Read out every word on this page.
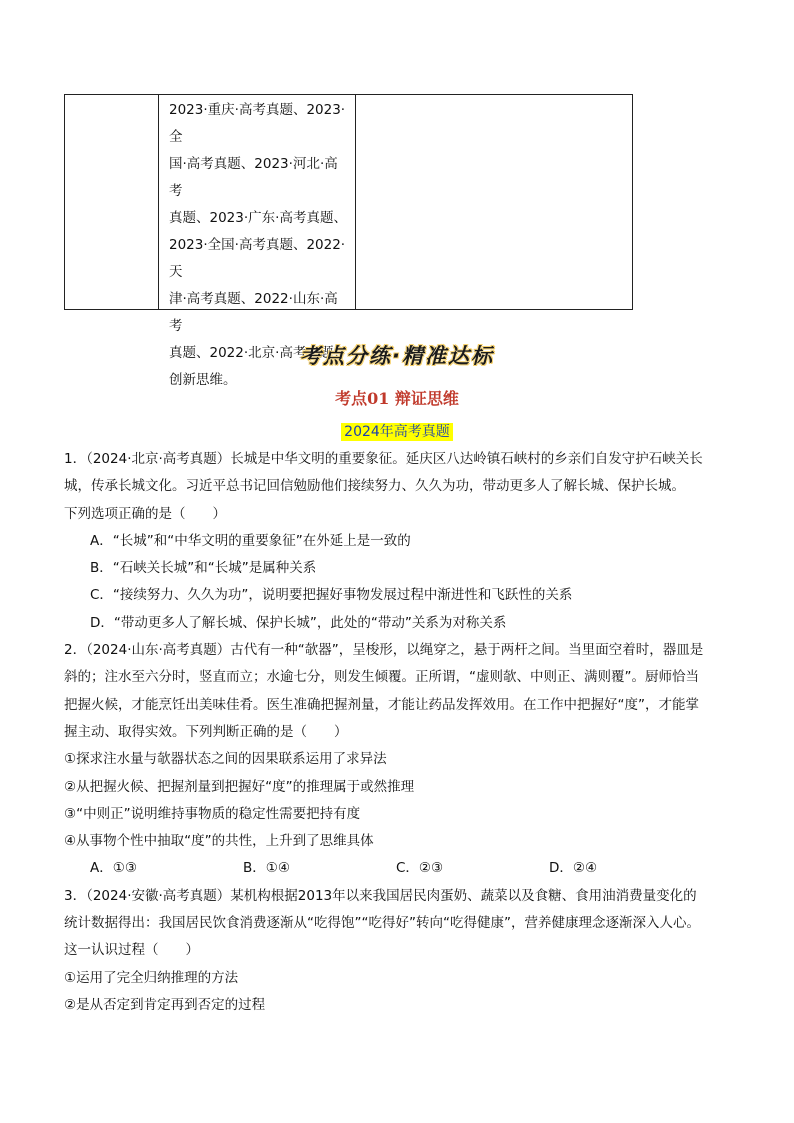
2023·重庆·高考真题、2023·全
国·高考真题、2023·河北·高考
真题、2023·广东·高考真题、
2023·全国·高考真题、2022·天
津·高考真题、2022·山东·高考
真题、2022·北京·高考真题：
创新思维。
考点分练·精准达标
考点01 辩证思维
2024年高考真题

1．（2024·北京·高考真题）长城是中华文明的重要象征。延庆区八达岭镇石峡村的乡亲们自发守护石峡关长

城，传承长城文化。习近平总书记回信勉励他们接续努力、久久为功，带动更多人了解长城、保护长城。

下列选项正确的是（　　）

A．“长城”和“中华文明的重要象征”在外延上是一致的

B．“石峡关长城”和“长城”是属种关系

C．“接续努力、久久为功”，说明要把握好事物发展过程中渐进性和飞跃性的关系

D．“带动更多人了解长城、保护长城”，此处的“带动”关系为对称关系

2．（2024·山东·高考真题）古代有一种“欹器”，呈梭形，以绳穿之，悬于两杆之间。当里面空着时，器皿是

斜的；注水至六分时，竖直而立；水逾七分，则发生倾覆。正所谓，“虚则欹、中则正、满则覆”。厨师恰当

把握火候，才能烹饪出美味佳肴。医生准确把握剂量，才能让药品发挥效用。在工作中把握好“度”，才能掌

握主动、取得实效。下列判断正确的是（　　）

①探求注水量与欹器状态之间的因果联系运用了求异法

②从把握火候、把握剂量到把握好“度”的推理属于或然推理

③“中则正”说明维持事物质的稳定性需要把持有度

④从事物个性中抽取“度”的共性，上升到了思维具体

A．①③	B．①④	C．②③	D．②④

3．（2024·安徽·高考真题）某机构根据2013年以来我国居民肉蛋奶、蔬菜以及食糖、食用油消费量变化的

统计数据得出：我国居民饮食消费逐渐从“吃得饱”“吃得好”转向“吃得健康”，营养健康理念逐渐深入人心。

这一认识过程（　　）

①运用了完全归纳推理的方法

②是从否定到肯定再到否定的过程
